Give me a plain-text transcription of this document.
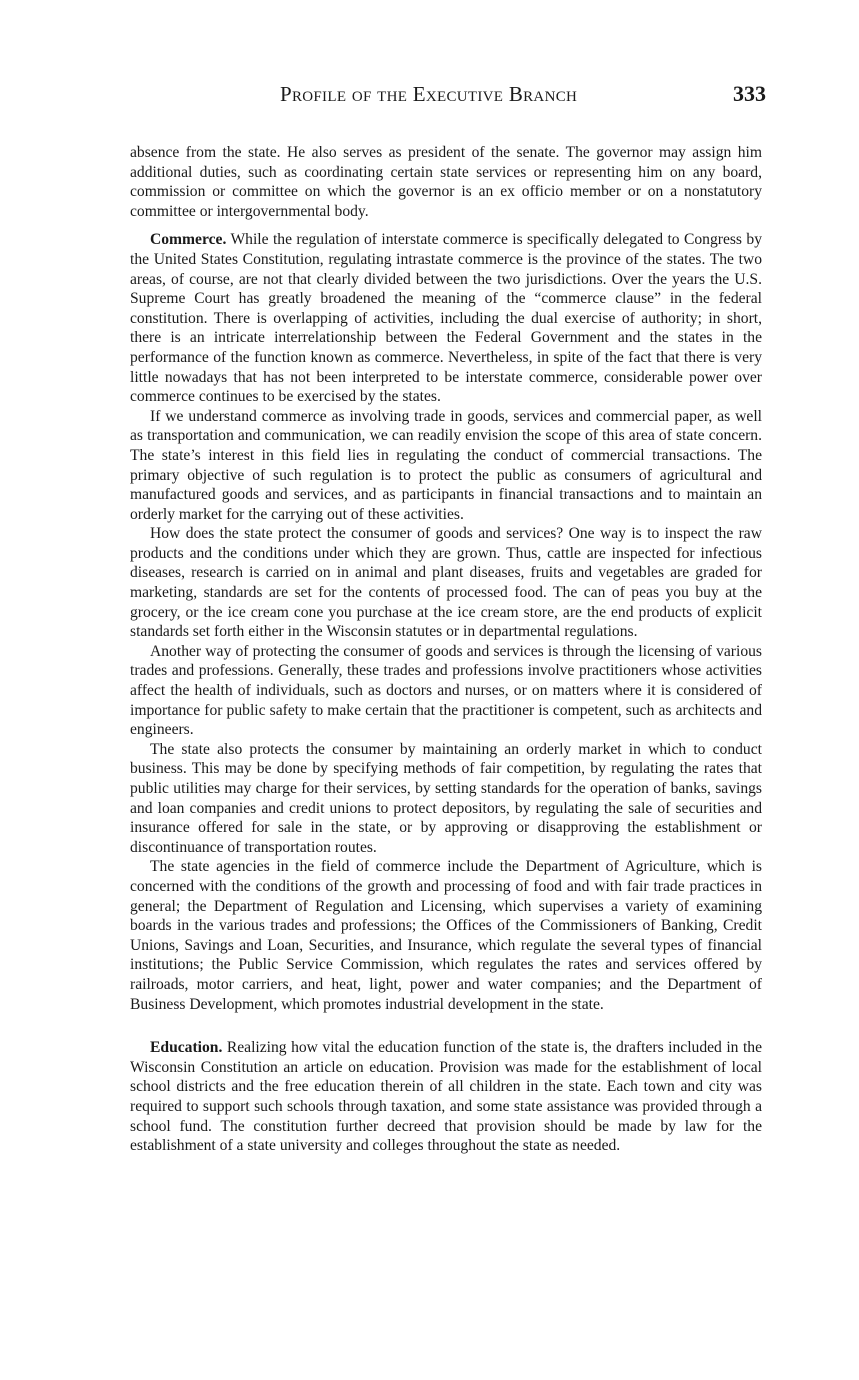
Profile of the Executive Branch	333

absence from the state. He also serves as president of the senate. The governor may assign him additional duties, such as coordinating certain state services or representing him on any board, commission or committee on which the governor is an ex officio member or on a nonstatutory committee or intergovernmental body.

Commerce. While the regulation of interstate commerce is specifically delegated to Congress by the United States Constitution, regulating intrastate commerce is the province of the states. The two areas, of course, are not that clearly divided between the two jurisdictions. Over the years the U.S. Supreme Court has greatly broadened the meaning of the “commerce clause” in the federal constitution. There is overlapping of activities, including the dual exercise of authority; in short, there is an intricate interrelationship between the Federal Government and the states in the performance of the function known as commerce. Nevertheless, in spite of the fact that there is very little nowadays that has not been interpreted to be interstate commerce, considerable power over commerce continues to be exercised by the states.

If we understand commerce as involving trade in goods, services and commercial paper, as well as transportation and communication, we can readily envision the scope of this area of state concern. The state’s interest in this field lies in regulating the conduct of commercial transactions. The primary objective of such regulation is to protect the public as consumers of agricultural and manufactured goods and services, and as participants in financial transactions and to maintain an orderly market for the carrying out of these activities.

How does the state protect the consumer of goods and services? One way is to inspect the raw products and the conditions under which they are grown. Thus, cattle are inspected for infectious diseases, research is carried on in animal and plant diseases, fruits and vegetables are graded for marketing, standards are set for the contents of processed food. The can of peas you buy at the grocery, or the ice cream cone you purchase at the ice cream store, are the end products of explicit standards set forth either in the Wisconsin statutes or in departmental regulations.

Another way of protecting the consumer of goods and services is through the licensing of various trades and professions. Generally, these trades and professions involve practitioners whose activities affect the health of individuals, such as doctors and nurses, or on matters where it is considered of importance for public safety to make certain that the practitioner is competent, such as architects and engineers.

The state also protects the consumer by maintaining an orderly market in which to conduct business. This may be done by specifying methods of fair competition, by regulating the rates that public utilities may charge for their services, by setting standards for the operation of banks, savings and loan companies and credit unions to protect depositors, by regulating the sale of securities and insurance offered for sale in the state, or by approving or disapproving the establishment or discontinuance of transportation routes.

The state agencies in the field of commerce include the Department of Agriculture, which is concerned with the conditions of the growth and processing of food and with fair trade practices in general; the Department of Regulation and Licensing, which supervises a variety of examining boards in the various trades and professions; the Offices of the Commissioners of Banking, Credit Unions, Savings and Loan, Securities, and Insurance, which regulate the several types of financial institutions; the Public Service Commission, which regulates the rates and services offered by railroads, motor carriers, and heat, light, power and water companies; and the Department of Business Development, which promotes industrial development in the state.

Education. Realizing how vital the education function of the state is, the drafters included in the Wisconsin Constitution an article on education. Provision was made for the establishment of local school districts and the free education therein of all children in the state. Each town and city was required to support such schools through taxation, and some state assistance was provided through a school fund. The constitution further decreed that provision should be made by law for the establishment of a state university and colleges throughout the state as needed.
